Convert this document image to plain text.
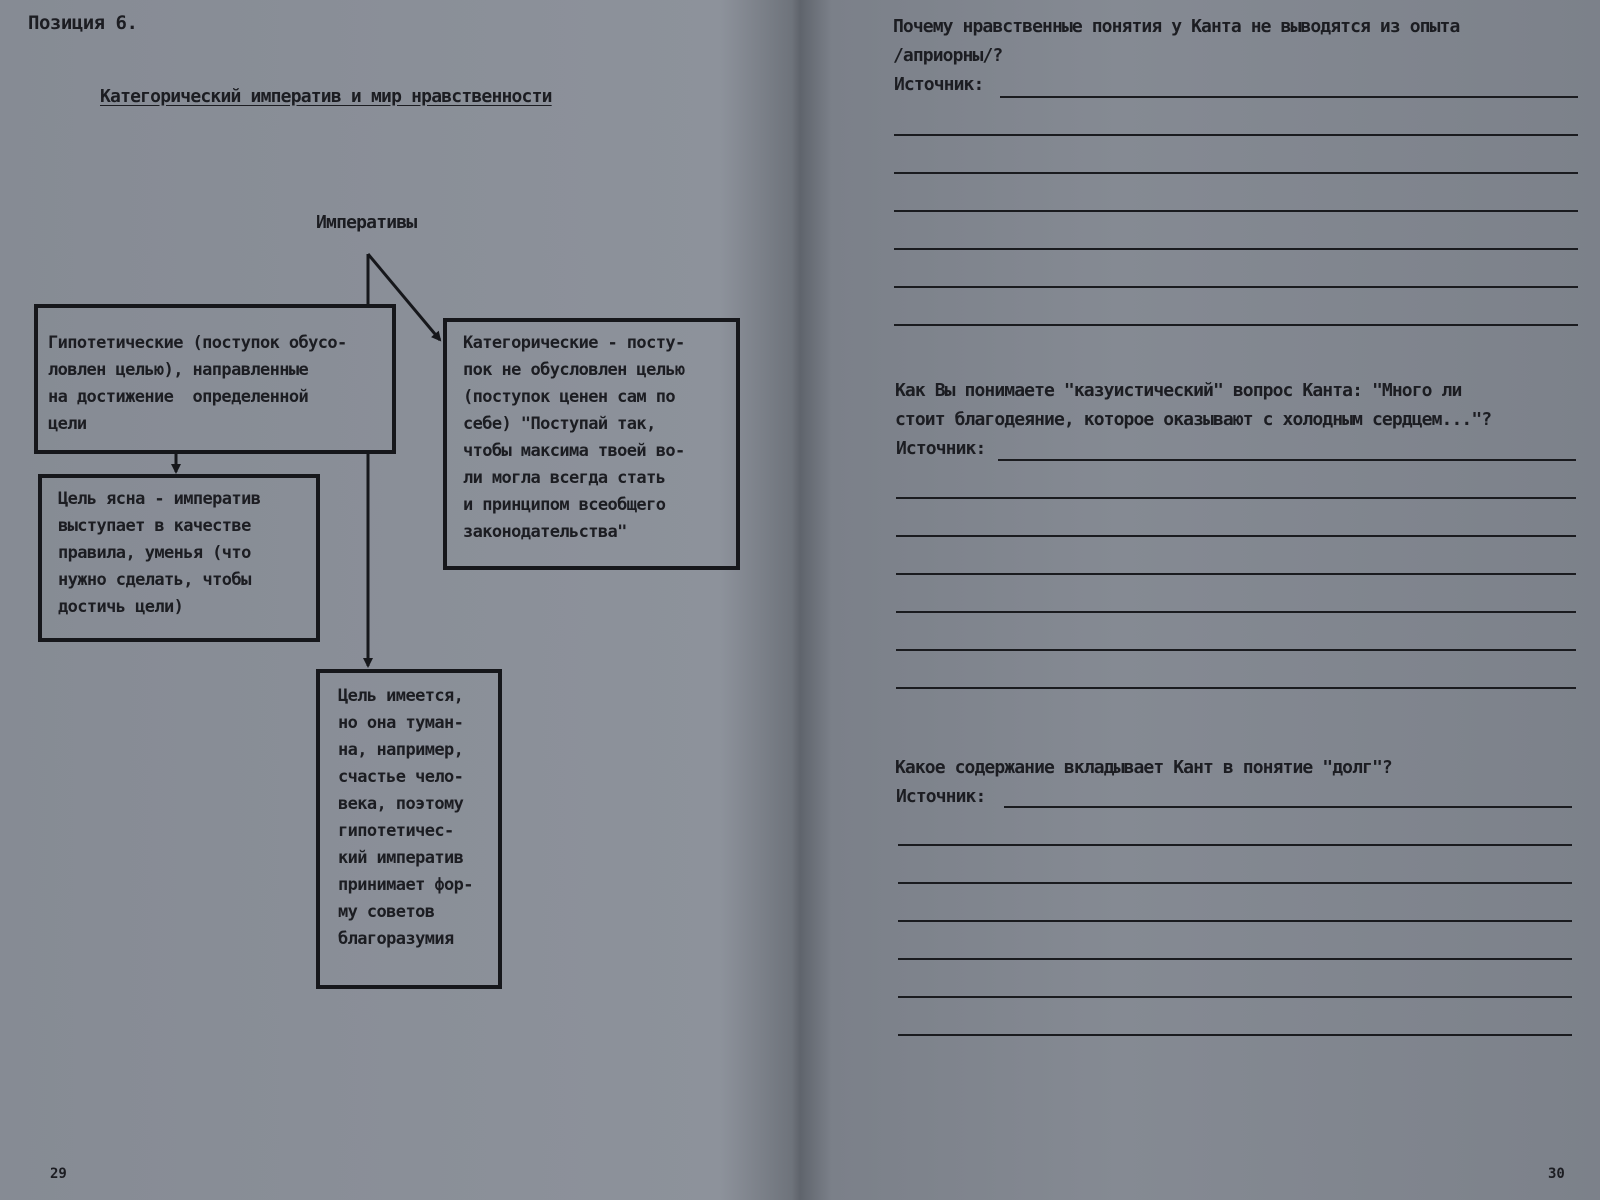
Позиция 6.
Категорический императив и мир нравственности
Императивы
Гипотетические (поступок обусо-
ловлен целью), направленные
на достижение  определенной
цели
Категорические - посту-
пок не обусловлен целью
(поступок ценен сам по
себе) "Поступай так,
чтобы максима твоей во-
ли могла всегда стать
и принципом всеобщего
законодательства"
Цель ясна - императив
выступает в качестве
правила, уменья (что
нужно сделать, чтобы
достичь цели)
Цель имеется,
но она туман-
на, например,
счастье чело-
века, поэтому
гипотетичес-
кий императив
принимает фор-
му советов
благоразумия
29
Почему нравственные понятия у Канта не выводятся из опыта
/априорны/?
Источник:
Как Вы понимаете "казуистический" вопрос Канта: "Много ли
стоит благодеяние, которое оказывают с холодным сердцем..."?
Источник:
Какое содержание вкладывает Кант в понятие "долг"?
Источник:
30
